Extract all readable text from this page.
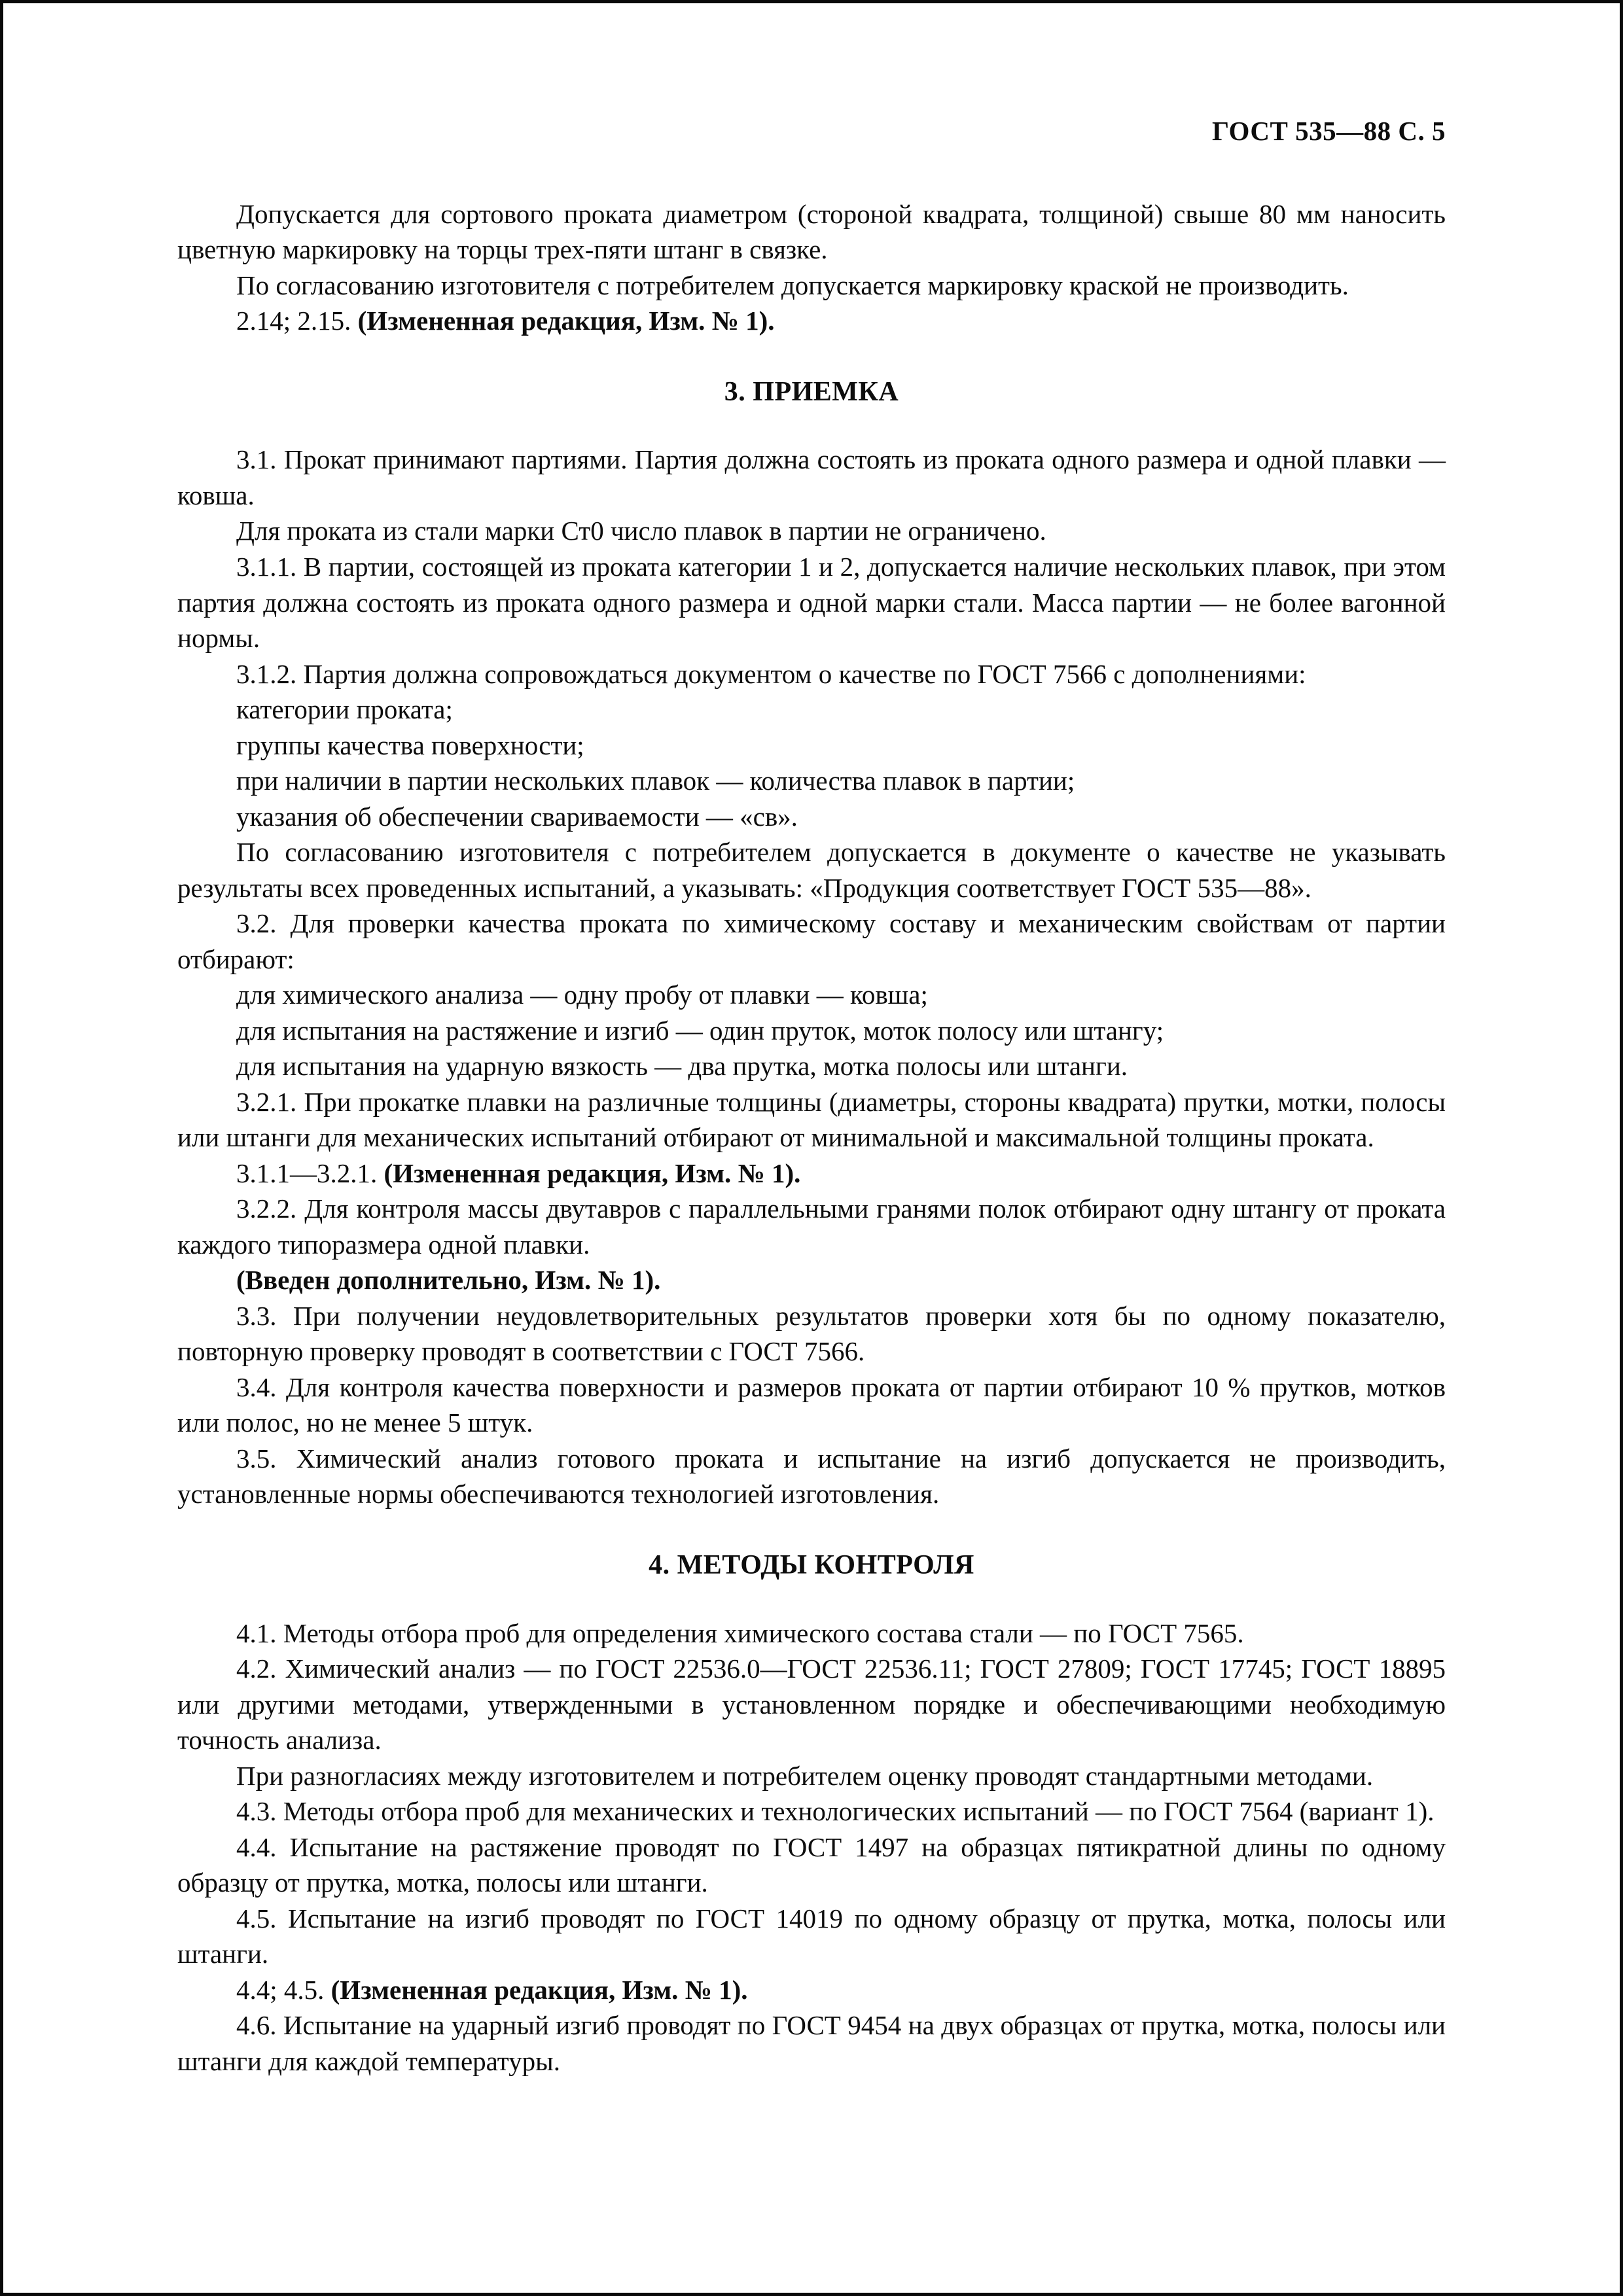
ГОСТ 535—88 С. 5

Допускается для сортового проката диаметром (стороной квадрата, толщиной) свыше 80 мм наносить цветную маркировку на торцы трех-пяти штанг в связке.

По согласованию изготовителя с потребителем допускается маркировку краской не производить.

2.14; 2.15. (Измененная редакция, Изм. № 1).

3. ПРИЕМКА

3.1. Прокат принимают партиями. Партия должна состоять из проката одного размера и одной плавки — ковша.

Для проката из стали марки Ст0 число плавок в партии не ограничено.

3.1.1. В партии, состоящей из проката категории 1 и 2, допускается наличие нескольких плавок, при этом партия должна состоять из проката одного размера и одной марки стали. Масса партии — не более вагонной нормы.

3.1.2. Партия должна сопровождаться документом о качестве по ГОСТ 7566 с дополнениями:

категории проката;

группы качества поверхности;

при наличии в партии нескольких плавок — количества плавок в партии;

указания об обеспечении свариваемости — «св».

По согласованию изготовителя с потребителем допускается в документе о качестве не указывать результаты всех проведенных испытаний, а указывать: «Продукция соответствует ГОСТ 535—88».

3.2. Для проверки качества проката по химическому составу и механическим свойствам от партии отбирают:

для химического анализа — одну пробу от плавки — ковша;

для испытания на растяжение и изгиб — один пруток, моток полосу или штангу;

для испытания на ударную вязкость — два прутка, мотка полосы или штанги.

3.2.1. При прокатке плавки на различные толщины (диаметры, стороны квадрата) прутки, мотки, полосы или штанги для механических испытаний отбирают от минимальной и максимальной толщины проката.

3.1.1—3.2.1. (Измененная редакция, Изм. № 1).

3.2.2. Для контроля массы двутавров с параллельными гранями полок отбирают одну штангу от проката каждого типоразмера одной плавки.

(Введен дополнительно, Изм. № 1).

3.3. При получении неудовлетворительных результатов проверки хотя бы по одному показателю, повторную проверку проводят в соответствии с ГОСТ 7566.

3.4. Для контроля качества поверхности и размеров проката от партии отбирают 10 % прутков, мотков или полос, но не менее 5 штук.

3.5. Химический анализ готового проката и испытание на изгиб допускается не производить, установленные нормы обеспечиваются технологией изготовления.

4. МЕТОДЫ КОНТРОЛЯ

4.1. Методы отбора проб для определения химического состава стали — по ГОСТ 7565.

4.2. Химический анализ — по ГОСТ 22536.0—ГОСТ 22536.11; ГОСТ 27809; ГОСТ 17745; ГОСТ 18895 или другими методами, утвержденными в установленном порядке и обеспечивающими необходимую точность анализа.

При разногласиях между изготовителем и потребителем оценку проводят стандартными методами.

4.3. Методы отбора проб для механических и технологических испытаний — по ГОСТ 7564 (вариант 1).

4.4. Испытание на растяжение проводят по ГОСТ 1497 на образцах пятикратной длины по одному образцу от прутка, мотка, полосы или штанги.

4.5. Испытание на изгиб проводят по ГОСТ 14019 по одному образцу от прутка, мотка, полосы или штанги.

4.4; 4.5. (Измененная редакция, Изм. № 1).

4.6. Испытание на ударный изгиб проводят по ГОСТ 9454 на двух образцах от прутка, мотка, полосы или штанги для каждой температуры.
